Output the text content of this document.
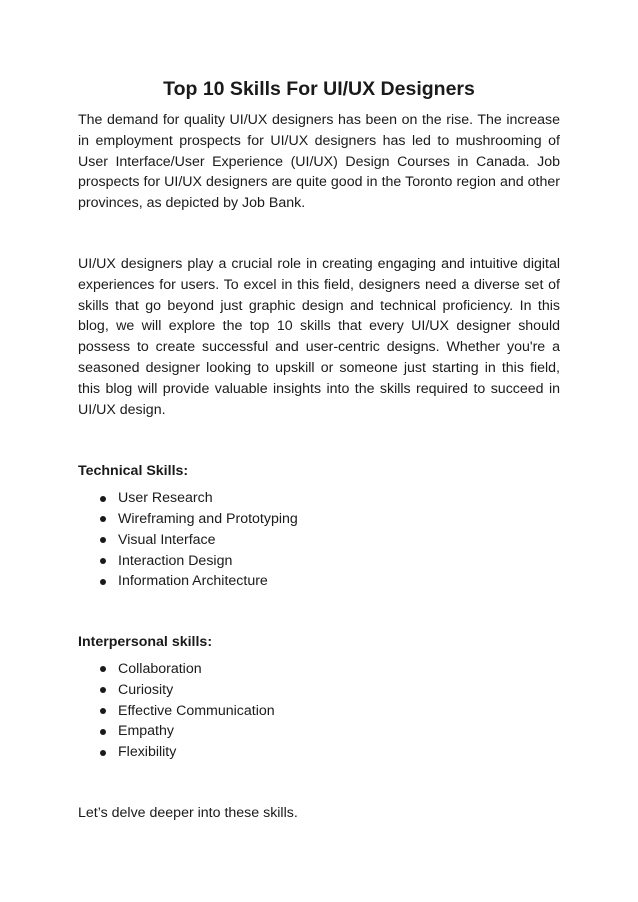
Top 10 Skills For UI/UX Designers

The demand for quality UI/UX designers has been on the rise. The increase in employment prospects for UI/UX designers has led to mushrooming of User Interface/User Experience (UI/UX) Design Courses in Canada. Job prospects for UI/UX designers are quite good in the Toronto region and other provinces, as depicted by Job Bank.

UI/UX designers play a crucial role in creating engaging and intuitive digital experiences for users. To excel in this field, designers need a diverse set of skills that go beyond just graphic design and technical proficiency. In this blog, we will explore the top 10 skills that every UI/UX designer should possess to create successful and user-centric designs. Whether you're a seasoned designer looking to upskill or someone just starting in this field, this blog will provide valuable insights into the skills required to succeed in UI/UX design.

Technical Skills:
User Research
Wireframing and Prototyping
Visual Interface
Interaction Design
Information Architecture
Interpersonal skills:
Collaboration
Curiosity
Effective Communication
Empathy
Flexibility

Let’s delve deeper into these skills.
